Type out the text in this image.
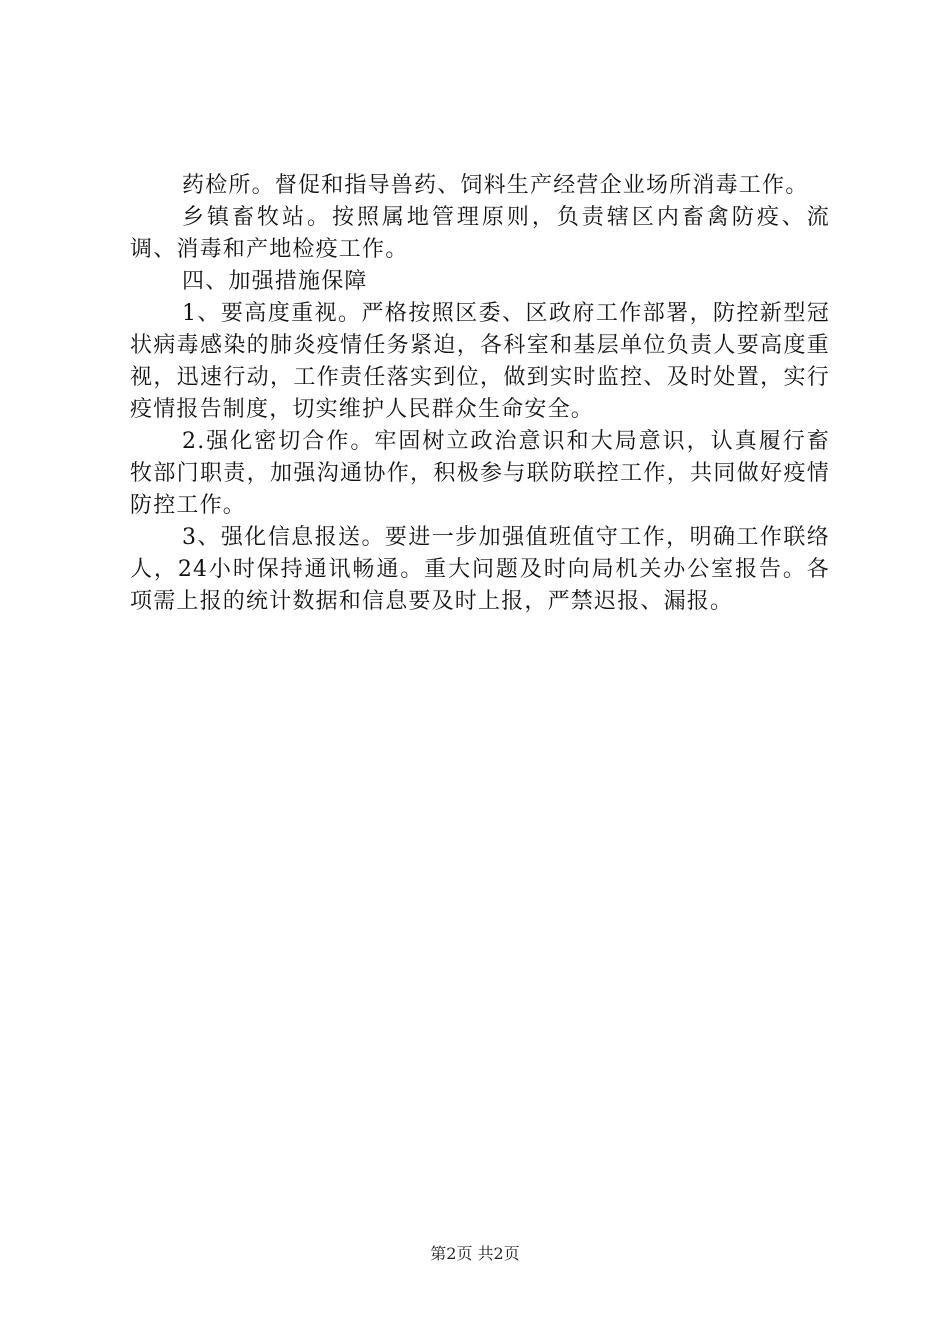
药检所。督促和指导兽药、饲料生产经营企业场所消毒工作。

乡镇畜牧站。按照属地管理原则，负责辖区内畜禽防疫、流调、消毒和产地检疫工作。

四、加强措施保障

1、要高度重视。严格按照区委、区政府工作部署，防控新型冠状病毒感染的肺炎疫情任务紧迫，各科室和基层单位负责人要高度重视，迅速行动，工作责任落实到位，做到实时监控、及时处置，实行疫情报告制度，切实维护人民群众生命安全。

2.强化密切合作。牢固树立政治意识和大局意识，认真履行畜牧部门职责，加强沟通协作，积极参与联防联控工作，共同做好疫情防控工作。

3、强化信息报送。要进一步加强值班值守工作，明确工作联络人，24小时保持通讯畅通。重大问题及时向局机关办公室报告。各项需上报的统计数据和信息要及时上报，严禁迟报、漏报。

第2页 共2页
